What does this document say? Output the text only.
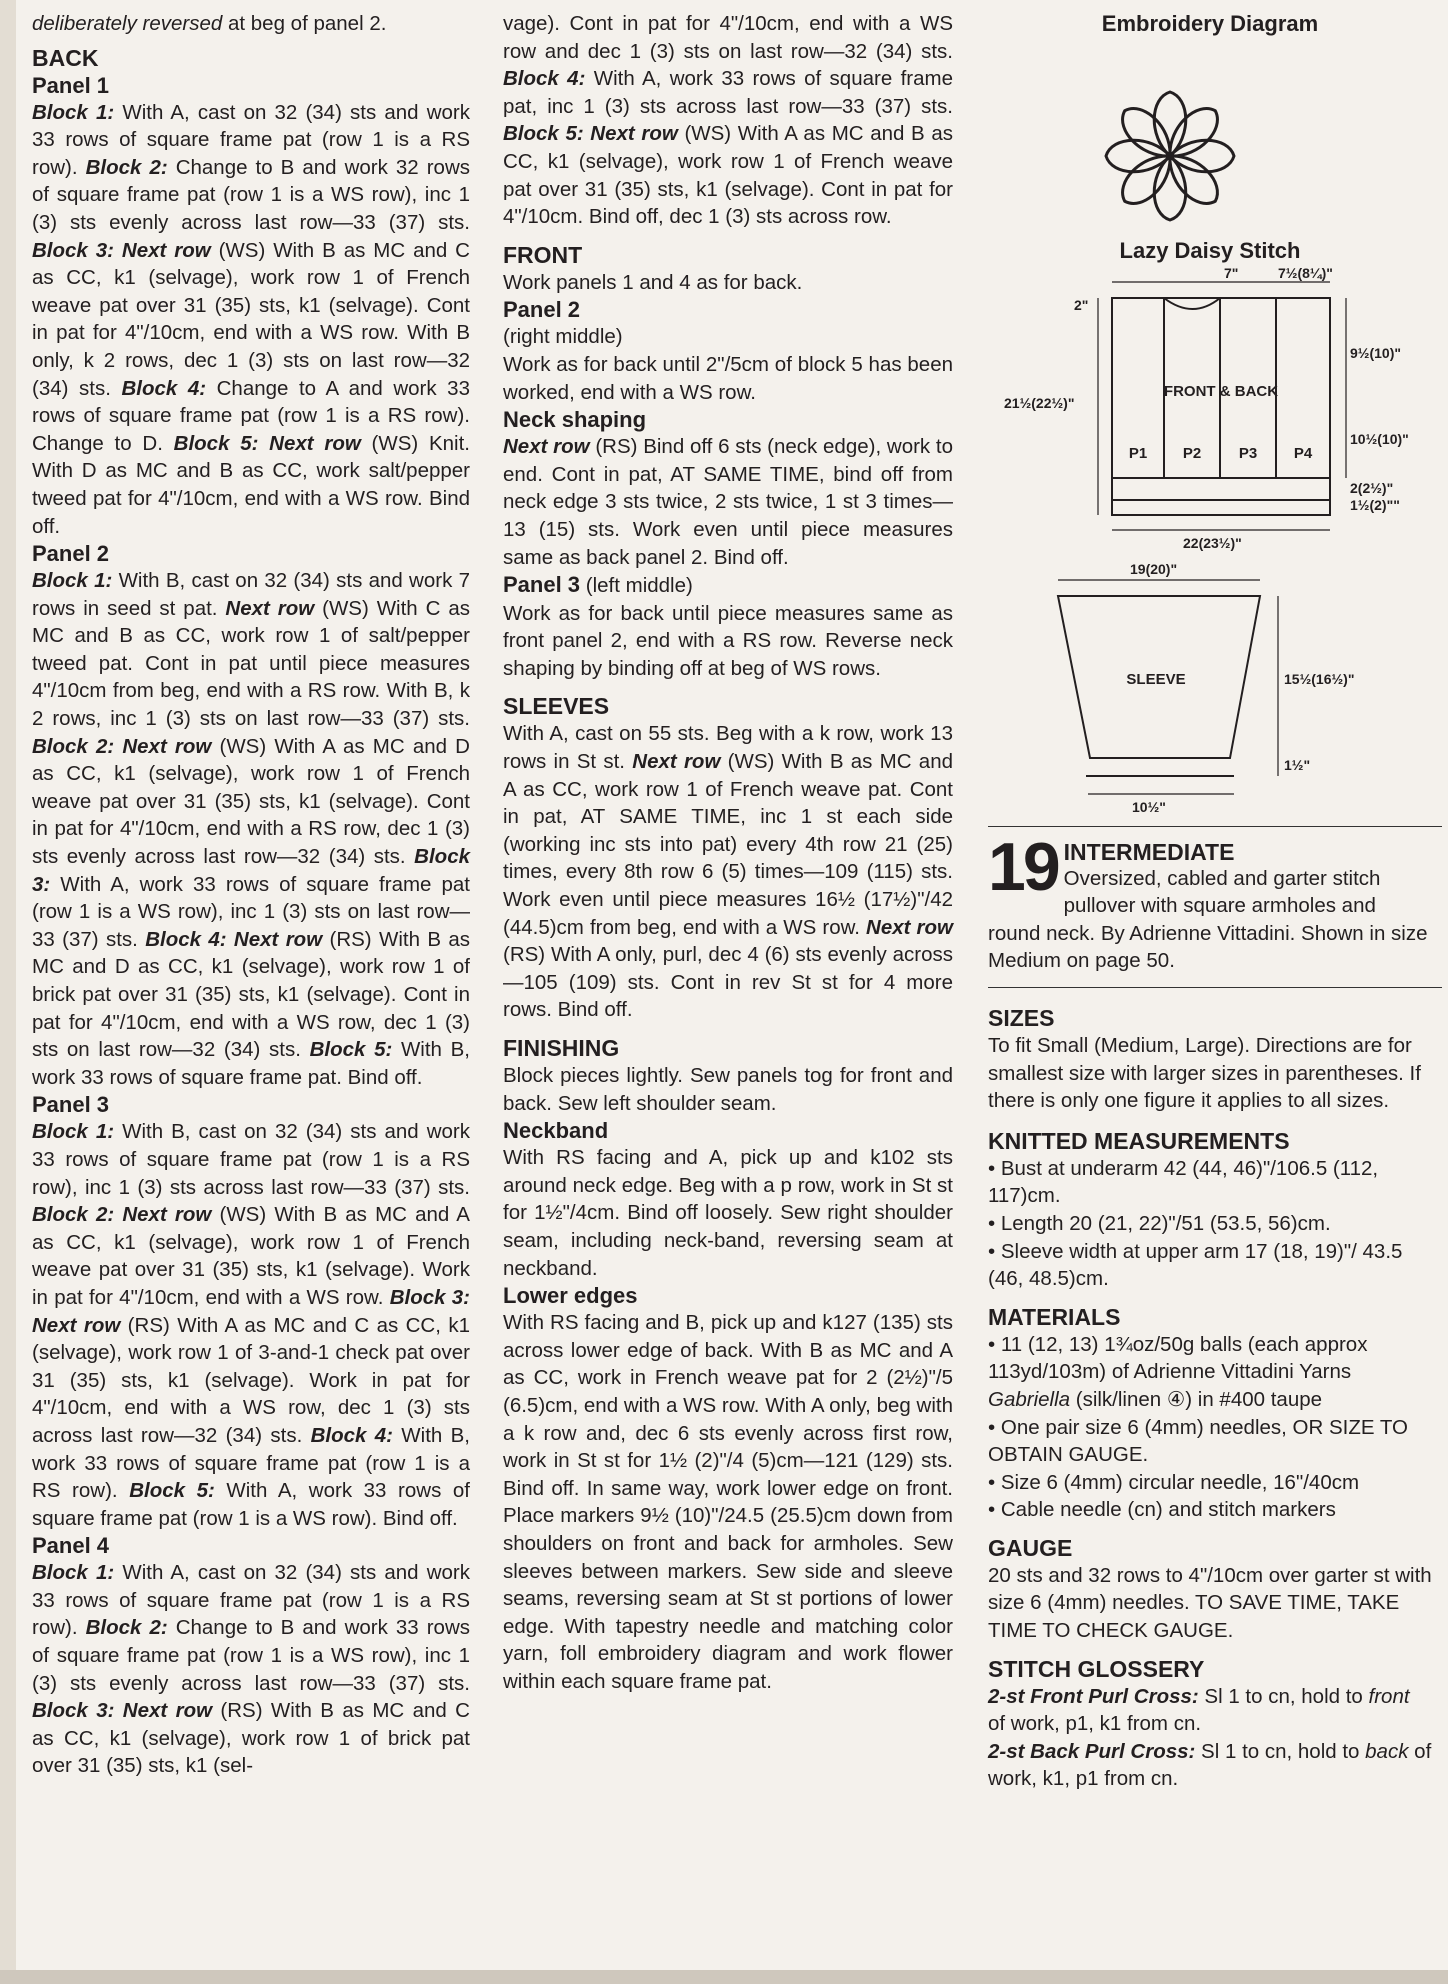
deliberately reversed at beg of panel 2.

BACK

Panel 1

Block 1: With A, cast on 32 (34) sts and work 33 rows of square frame pat (row 1 is a RS row). Block 2: Change to B and work 32 rows of square frame pat (row 1 is a WS row), inc 1 (3) sts evenly across last row—33 (37) sts. Block 3: Next row (WS) With B as MC and C as CC, k1 (selvage), work row 1 of French weave pat over 31 (35) sts, k1 (selvage). Cont in pat for 4"/10cm, end with a WS row. With B only, k 2 rows, dec 1 (3) sts on last row—32 (34) sts. Block 4: Change to A and work 33 rows of square frame pat (row 1 is a RS row). Change to D. Block 5: Next row (WS) Knit. With D as MC and B as CC, work salt/pepper tweed pat for 4"/10cm, end with a WS row. Bind off.

Panel 2

Block 1: With B, cast on 32 (34) sts and work 7 rows in seed st pat. Next row (WS) With C as MC and B as CC, work row 1 of salt/pepper tweed pat. Cont in pat until piece measures 4"/10cm from beg, end with a RS row. With B, k 2 rows, inc 1 (3) sts on last row—33 (37) sts. Block 2: Next row (WS) With A as MC and D as CC, k1 (selvage), work row 1 of French weave pat over 31 (35) sts, k1 (selvage). Cont in pat for 4"/10cm, end with a RS row, dec 1 (3) sts evenly across last row—32 (34) sts. Block 3: With A, work 33 rows of square frame pat (row 1 is a WS row), inc 1 (3) sts on last row—33 (37) sts. Block 4: Next row (RS) With B as MC and D as CC, k1 (selvage), work row 1 of brick pat over 31 (35) sts, k1 (selvage). Cont in pat for 4"/10cm, end with a WS row, dec 1 (3) sts on last row—32 (34) sts. Block 5: With B, work 33 rows of square frame pat. Bind off.

Panel 3

Block 1: With B, cast on 32 (34) sts and work 33 rows of square frame pat (row 1 is a RS row), inc 1 (3) sts across last row—33 (37) sts. Block 2: Next row (WS) With B as MC and A as CC, k1 (selvage), work row 1 of French weave pat over 31 (35) sts, k1 (selvage). Work in pat for 4"/10cm, end with a WS row. Block 3: Next row (RS) With A as MC and C as CC, k1 (selvage), work row 1 of 3-and-1 check pat over 31 (35) sts, k1 (selvage). Work in pat for 4"/10cm, end with a WS row, dec 1 (3) sts across last row—32 (34) sts. Block 4: With B, work 33 rows of square frame pat (row 1 is a RS row). Block 5: With A, work 33 rows of square frame pat (row 1 is a WS row). Bind off.

Panel 4

Block 1: With A, cast on 32 (34) sts and work 33 rows of square frame pat (row 1 is a RS row). Block 2: Change to B and work 33 rows of square frame pat (row 1 is a WS row), inc 1 (3) sts evenly across last row—33 (37) sts. Block 3: Next row (RS) With B as MC and C as CC, k1 (selvage), work row 1 of brick pat over 31 (35) sts, k1 (sel-

vage). Cont in pat for 4"/10cm, end with a WS row and dec 1 (3) sts on last row—32 (34) sts. Block 4: With A, work 33 rows of square frame pat, inc 1 (3) sts across last row—33 (37) sts. Block 5: Next row (WS) With A as MC and B as CC, k1 (selvage), work row 1 of French weave pat over 31 (35) sts, k1 (selvage). Cont in pat for 4"/10cm. Bind off, dec 1 (3) sts across row.

FRONT

Work panels 1 and 4 as for back.

Panel 2

(right middle)

Work as for back until 2"/5cm of block 5 has been worked, end with a WS row.

Neck shaping

Next row (RS) Bind off 6 sts (neck edge), work to end. Cont in pat, AT SAME TIME, bind off from neck edge 3 sts twice, 2 sts twice, 1 st 3 times—13 (15) sts. Work even until piece measures same as back panel 2. Bind off.

Panel 3 (left middle)

Work as for back until piece measures same as front panel 2, end with a RS row. Reverse neck shaping by binding off at beg of WS rows.

SLEEVES

With A, cast on 55 sts. Beg with a k row, work 13 rows in St st. Next row (WS) With B as MC and A as CC, work row 1 of French weave pat. Cont in pat, AT SAME TIME, inc 1 st each side (working inc sts into pat) every 4th row 21 (25) times, every 8th row 6 (5) times—109 (115) sts. Work even until piece measures 16½ (17½)"/42 (44.5)cm from beg, end with a WS row. Next row (RS) With A only, purl, dec 4 (6) sts evenly across—105 (109) sts. Cont in rev St st for 4 more rows. Bind off.

FINISHING

Block pieces lightly. Sew panels tog for front and back. Sew left shoulder seam.

Neckband

With RS facing and A, pick up and k102 sts around neck edge. Beg with a p row, work in St st for 1½"/4cm. Bind off loosely. Sew right shoulder seam, including neck-band, reversing seam at neckband.

Lower edges

With RS facing and B, pick up and k127 (135) sts across lower edge of back. With B as MC and A as CC, work in French weave pat for 2 (2½)"/5 (6.5)cm, end with a WS row. With A only, beg with a k row and, dec 6 sts evenly across first row, work in St st for 1½ (2)"/4 (5)cm—121 (129) sts. Bind off. In same way, work lower edge on front. Place markers 9½ (10)"/24.5 (25.5)cm down from shoulders on front and back for armholes. Sew sleeves between markers. Sew side and sleeve seams, reversing seam at St st portions of lower edge. With tapestry needle and matching color yarn, foll embroidery diagram and work flower within each square frame pat.

Embroidery Diagram

Lazy Daisy Stitch
7"	7½(8¼)"
2"
9½(10)"
21½(22½)"
FRONT & BACK
P1 P2	P3 P4
10½(10)"
2(2½)"
1½(2)""
22(23½)"
19(20)"
SLEEVE	15½(16½)"
1½"
10½"
19 INTERMEDIATE

Oversized, cabled and garter stitch pullover with square armholes and round neck. By Adrienne Vittadini. Shown in size Medium on page 50.

SIZES

To fit Small (Medium, Large). Directions are for smallest size with larger sizes in parentheses. If there is only one figure it applies to all sizes.

KNITTED MEASUREMENTS

• Bust at underarm 42 (44, 46)"/106.5 (112, 117)cm.

• Length 20 (21, 22)"/51 (53.5, 56)cm.

• Sleeve width at upper arm 17 (18, 19)"/ 43.5 (46, 48.5)cm.

MATERIALS

• 11 (12, 13) 1¾oz/50g balls (each approx 113yd/103m) of Adrienne Vittadini Yarns Gabriella (silk/linen ④) in #400 taupe

• One pair size 6 (4mm) needles, OR SIZE TO OBTAIN GAUGE.

• Size 6 (4mm) circular needle, 16"/40cm

• Cable needle (cn) and stitch markers

GAUGE

20 sts and 32 rows to 4"/10cm over garter st with size 6 (4mm) needles. TO SAVE TIME, TAKE TIME TO CHECK GAUGE.

STITCH GLOSSERY

2-st Front Purl Cross: Sl 1 to cn, hold to front of work, p1, k1 from cn.

2-st Back Purl Cross: Sl 1 to cn, hold to back of work, k1, p1 from cn.
